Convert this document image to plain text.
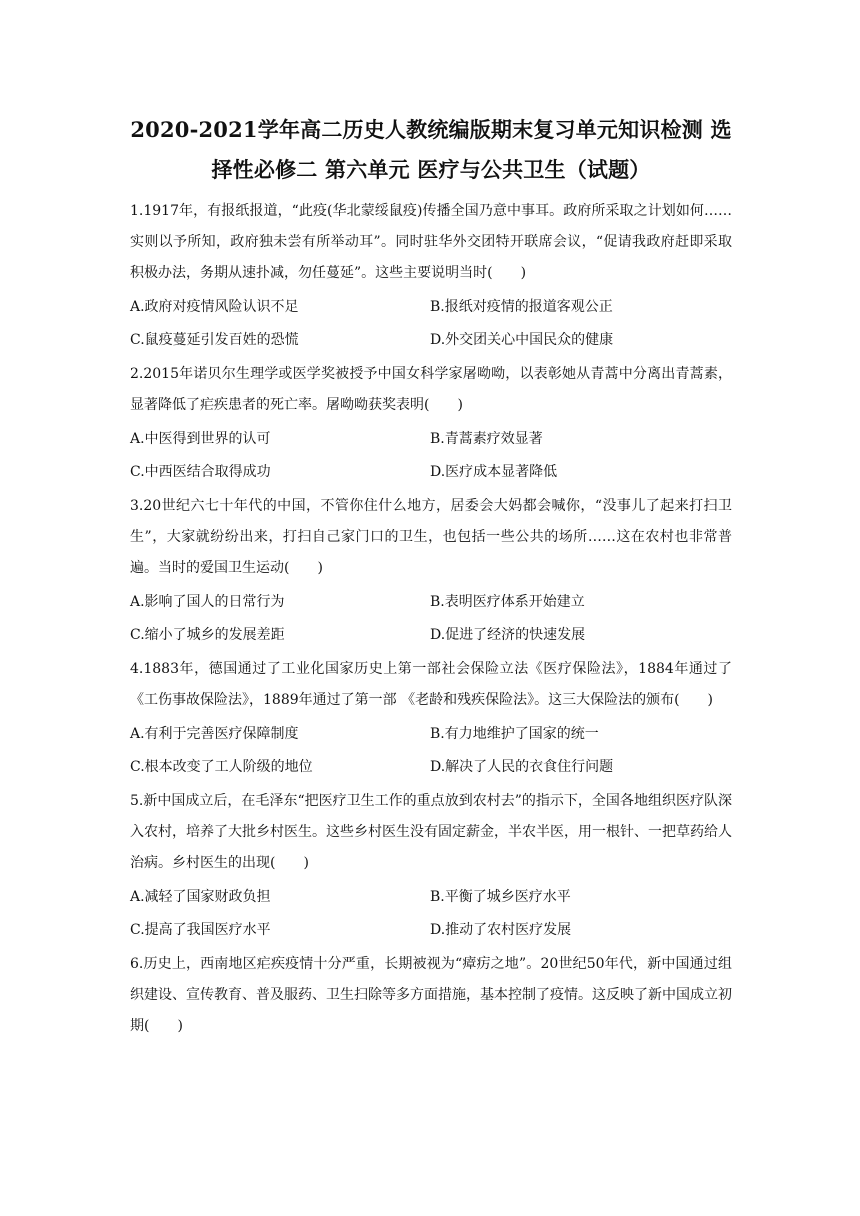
2020-2021学年高二历史人教统编版期末复习单元知识检测 选
择性必修二 第六单元 医疗与公共卫生（试题）

1.1917年，有报纸报道，“此疫(华北蒙绥鼠疫)传播全国乃意中事耳。政府所采取之计划如何……实则以予所知，政府独未尝有所举动耳”。同时驻华外交团特开联席会议，“促请我政府赶即采取积极办法，务期从速扑减，勿任蔓延”。这些主要说明当时(　　)

A.政府对疫情风险认识不足	B.报纸对疫情的报道客观公正
C.鼠疫蔓延引发百姓的恐慌	D.外交团关心中国民众的健康

2.2015年诺贝尔生理学或医学奖被授予中国女科学家屠呦呦，以表彰她从青蒿中分离出青蒿素，显著降低了疟疾患者的死亡率。屠呦呦获奖表明(　　)

A.中医得到世界的认可	B.青蒿素疗效显著
C.中西医结合取得成功	D.医疗成本显著降低

3.20世纪六七十年代的中国，不管你住什么地方，居委会大妈都会喊你，“没事儿了起来打扫卫生”，大家就纷纷出来，打扫自己家门口的卫生，也包括一些公共的场所……这在农村也非常普遍。当时的爱国卫生运动(　　)

A.影响了国人的日常行为	B.表明医疗体系开始建立
C.缩小了城乡的发展差距	D.促进了经济的快速发展

4.1883年，德国通过了工业化国家历史上第一部社会保险立法《医疗保险法》，1884年通过了《工伤事故保险法》，1889年通过了第一部 《老龄和残疾保险法》。这三大保险法的颁布(　　)

A.有利于完善医疗保障制度	B.有力地维护了国家的统一
C.根本改变了工人阶级的地位	D.解决了人民的衣食住行问题

5.新中国成立后，在毛泽东“把医疗卫生工作的重点放到农村去”的指示下，全国各地组织医疗队深入农村，培养了大批乡村医生。这些乡村医生没有固定薪金，半农半医，用一根针、一把草药给人治病。乡村医生的出现(　　)

A.减轻了国家财政负担	B.平衡了城乡医疗水平
C.提高了我国医疗水平	D.推动了农村医疗发展

6.历史上，西南地区疟疾疫情十分严重，长期被视为“瘴疠之地”。20世纪50年代，新中国通过组织建设、宣传教育、普及服药、卫生扫除等多方面措施，基本控制了疫情。这反映了新中国成立初期(　　)
